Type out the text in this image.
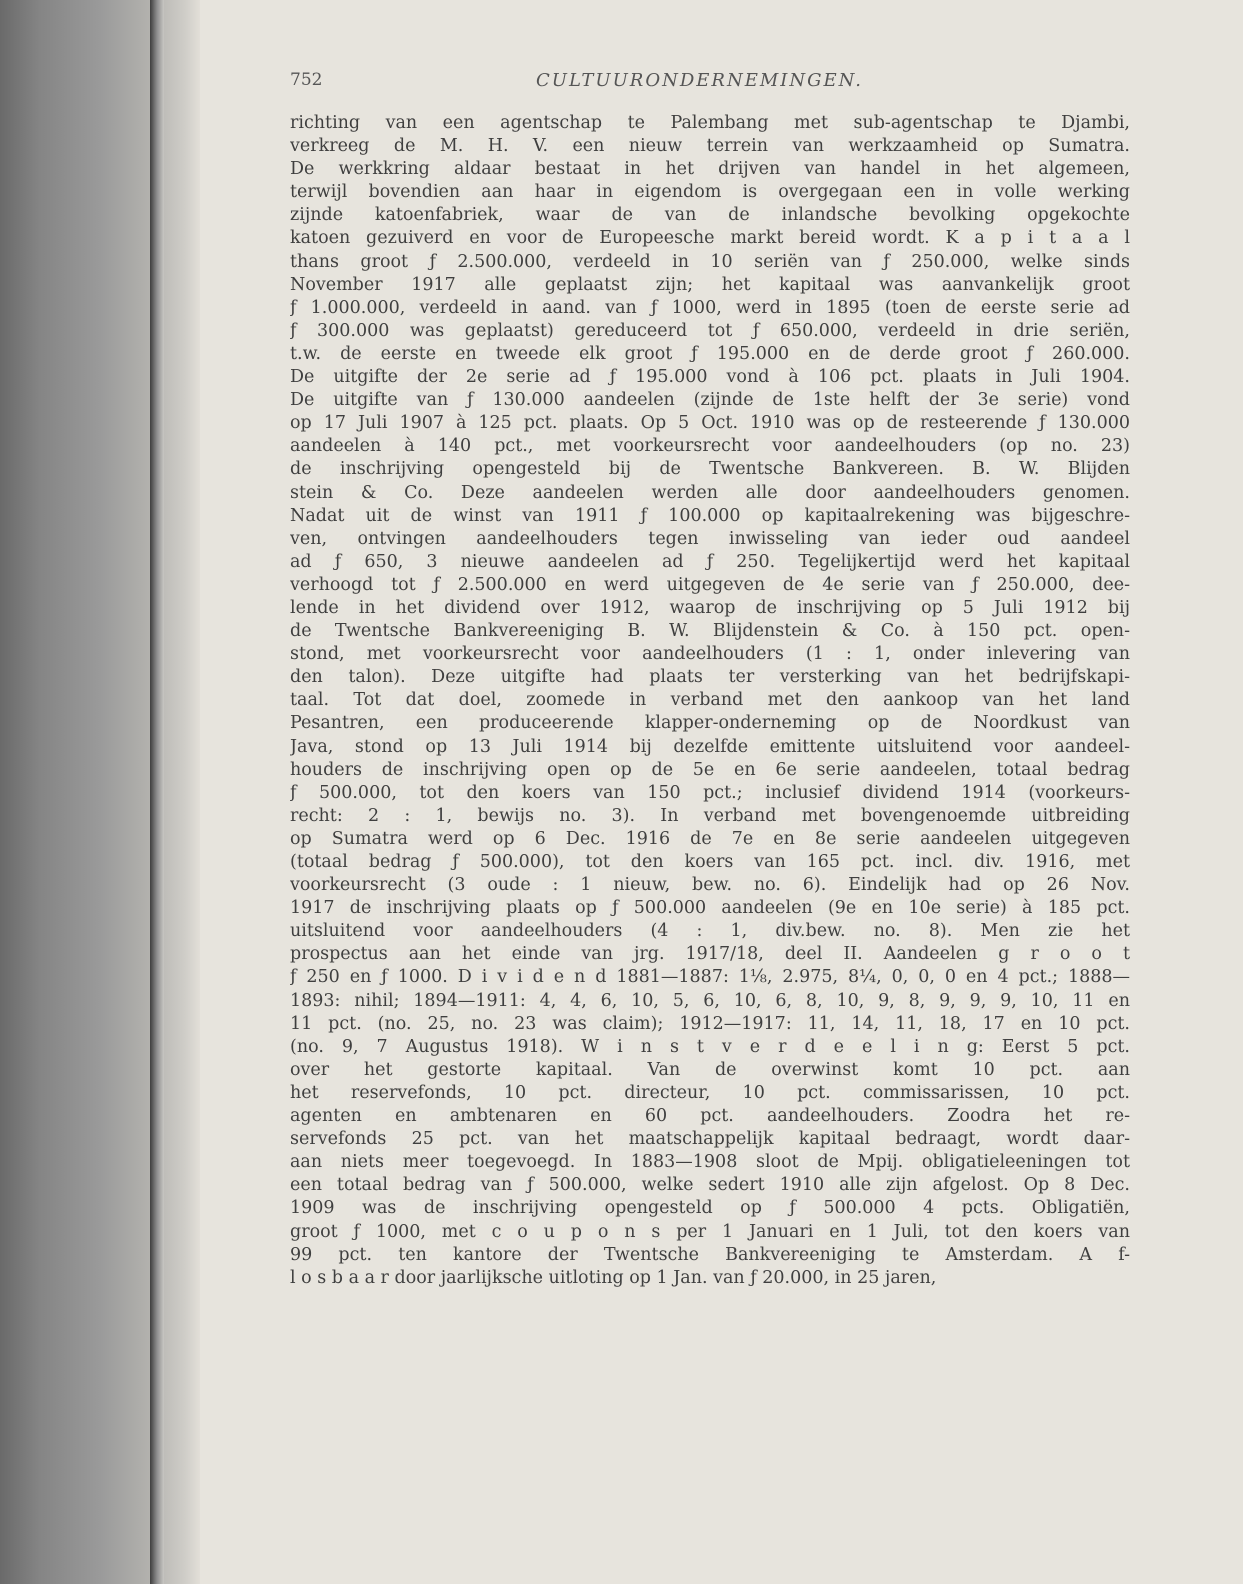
752	CULTUURONDERNEMINGEN.
richting van een agentschap te Palembang met sub-agentschap te Djambi,
verkreeg de M. H. V. een nieuw terrein van werkzaamheid op Sumatra.
De werkkring aldaar bestaat in het drijven van handel in het algemeen,
terwijl bovendien aan haar in eigendom is overgegaan een in volle werking
zijnde katoenfabriek, waar de van de inlandsche bevolking opgekochte
katoen gezuiverd en voor de Europeesche markt bereid wordt. K a p i t a a l
thans groot ƒ 2.500.000, verdeeld in 10 seriën van ƒ 250.000, welke sinds
November 1917 alle geplaatst zijn; het kapitaal was aanvankelijk groot
ƒ 1.000.000, verdeeld in aand. van ƒ 1000, werd in 1895 (toen de eerste serie ad
ƒ 300.000 was geplaatst) gereduceerd tot ƒ 650.000, verdeeld in drie seriën,
t.w. de eerste en tweede elk groot ƒ 195.000 en de derde groot ƒ 260.000.
De uitgifte der 2e serie ad ƒ 195.000 vond à 106 pct. plaats in Juli 1904.
De uitgifte van ƒ 130.000 aandeelen (zijnde de 1ste helft der 3e serie) vond
op 17 Juli 1907 à 125 pct. plaats. Op 5 Oct. 1910 was op de resteerende ƒ 130.000
aandeelen à 140 pct., met voorkeursrecht voor aandeelhouders (op no. 23)
de inschrijving opengesteld bij de Twentsche Bankvereen. B. W. Blijden
stein & Co. Deze aandeelen werden alle door aandeelhouders genomen.
Nadat uit de winst van 1911 ƒ 100.000 op kapitaalrekening was bijgeschre-
ven, ontvingen aandeelhouders tegen inwisseling van ieder oud aandeel
ad ƒ 650, 3 nieuwe aandeelen ad ƒ 250. Tegelijkertijd werd het kapitaal
verhoogd tot ƒ 2.500.000 en werd uitgegeven de 4e serie van ƒ 250.000, dee-
lende in het dividend over 1912, waarop de inschrijving op 5 Juli 1912 bij
de Twentsche Bankvereeniging B. W. Blijdenstein & Co. à 150 pct. open-
stond, met voorkeursrecht voor aandeelhouders (1 : 1, onder inlevering van
den talon). Deze uitgifte had plaats ter versterking van het bedrijfskapi-
taal. Tot dat doel, zoomede in verband met den aankoop van het land
Pesantren, een produceerende klapper-onderneming op de Noordkust van
Java, stond op 13 Juli 1914 bij dezelfde emittente uitsluitend voor aandeel-
houders de inschrijving open op de 5e en 6e serie aandeelen, totaal bedrag
ƒ 500.000, tot den koers van 150 pct.; inclusief dividend 1914 (voorkeurs-
recht: 2 : 1, bewijs no. 3). In verband met bovengenoemde uitbreiding
op Sumatra werd op 6 Dec. 1916 de 7e en 8e serie aandeelen uitgegeven
(totaal bedrag ƒ 500.000), tot den koers van 165 pct. incl. div. 1916, met
voorkeursrecht (3 oude : 1 nieuw, bew. no. 6). Eindelijk had op 26 Nov.
1917 de inschrijving plaats op ƒ 500.000 aandeelen (9e en 10e serie) à 185 pct.
uitsluitend voor aandeelhouders (4 : 1, div.bew. no. 8). Men zie het
prospectus aan het einde van jrg. 1917/18, deel II. Aandeelen g r o o t
ƒ 250 en ƒ 1000. D i v i d e n d 1881—1887: 1⅛, 2.975, 8¼, 0, 0, 0 en 4 pct.; 1888—
1893: nihil; 1894—1911: 4, 4, 6, 10, 5, 6, 10, 6, 8, 10, 9, 8, 9, 9, 9, 10, 11 en
11 pct. (no. 25, no. 23 was claim); 1912—1917: 11, 14, 11, 18, 17 en 10 pct.
(no. 9, 7 Augustus 1918). W i n s t v e r d e e l i n g: Eerst 5 pct.
over het gestorte kapitaal. Van de overwinst komt 10 pct. aan
het reservefonds, 10 pct. directeur, 10 pct. commissarissen, 10 pct.
agenten en ambtenaren en 60 pct. aandeelhouders. Zoodra het re-
servefonds 25 pct. van het maatschappelijk kapitaal bedraagt, wordt daar-
aan niets meer toegevoegd. In 1883—1908 sloot de Mpij. obligatieleeningen tot
een totaal bedrag van ƒ 500.000, welke sedert 1910 alle zijn afgelost. Op 8 Dec.
1909 was de inschrijving opengesteld op ƒ 500.000 4 pcts. Obligatiën,
groot ƒ 1000, met c o u p o n s per 1 Januari en 1 Juli, tot den koers van
99 pct. ten kantore der Twentsche Bankvereeniging te Amsterdam. A f-
l o s b a a r door jaarlijksche uitloting op 1 Jan. van ƒ 20.000, in 25 jaren,
